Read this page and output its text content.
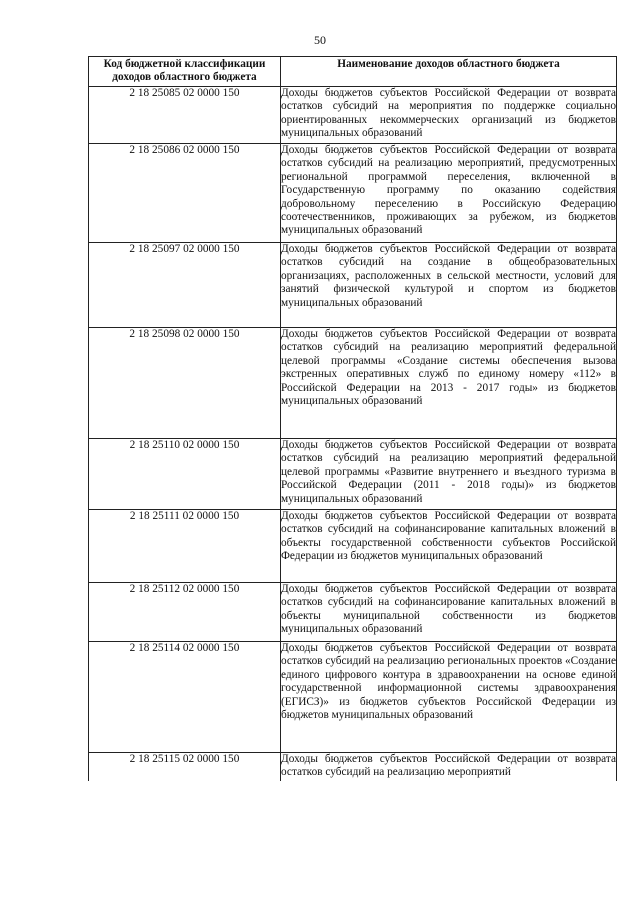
50
Код бюджетной классификации доходов областного бюджета	Наименование доходов областного бюджета
2 18 25085 02 0000 150	Доходы бюджетов субъектов Российской Федерации от возврата остатков субсидий на мероприятия по поддержке социально ориентированных некоммерческих организаций из бюджетов муниципальных образований
2 18 25086 02 0000 150	Доходы бюджетов субъектов Российской Федерации от возврата остатков субсидий на реализацию мероприятий, предусмотренных региональной программой переселения, включенной в Государственную программу по оказанию содействия добровольному переселению в Российскую Федерацию соотечественников, проживающих за рубежом, из бюджетов муниципальных образований
2 18 25097 02 0000 150	Доходы бюджетов субъектов Российской Федерации от возврата остатков субсидий на создание в общеобразовательных организациях, расположенных в сельской местности, условий для занятий физической культурой и спортом из бюджетов муниципальных образований
2 18 25098 02 0000 150	Доходы бюджетов субъектов Российской Федерации от возврата остатков субсидий на реализацию мероприятий федеральной целевой программы «Создание системы обеспечения вызова экстренных оперативных служб по единому номеру «112» в Российской Федерации на 2013 - 2017 годы» из бюджетов муниципальных образований
2 18 25110 02 0000 150	Доходы бюджетов субъектов Российской Федерации от возврата остатков субсидий на реализацию мероприятий федеральной целевой программы «Развитие внутреннего и въездного туризма в Российской Федерации (2011 - 2018 годы)» из бюджетов муниципальных образований
2 18 25111 02 0000 150	Доходы бюджетов субъектов Российской Федерации от возврата остатков субсидий на софинансирование капитальных вложений в объекты государственной собственности субъектов Российской Федерации из бюджетов муниципальных образований
2 18 25112 02 0000 150	Доходы бюджетов субъектов Российской Федерации от возврата остатков субсидий на софинансирование капитальных вложений в объекты муниципальной собственности из бюджетов муниципальных образований
2 18 25114 02 0000 150	Доходы бюджетов субъектов Российской Федерации от возврата остатков субсидий на реализацию региональных проектов «Создание единого цифрового контура в здравоохранении на основе единой государственной информационной системы здравоохранения (ЕГИСЗ)» из бюджетов субъектов Российской Федерации из бюджетов муниципальных образований
2 18 25115 02 0000 150	Доходы бюджетов субъектов Российской Федерации от возврата остатков субсидий на реализацию мероприятий
